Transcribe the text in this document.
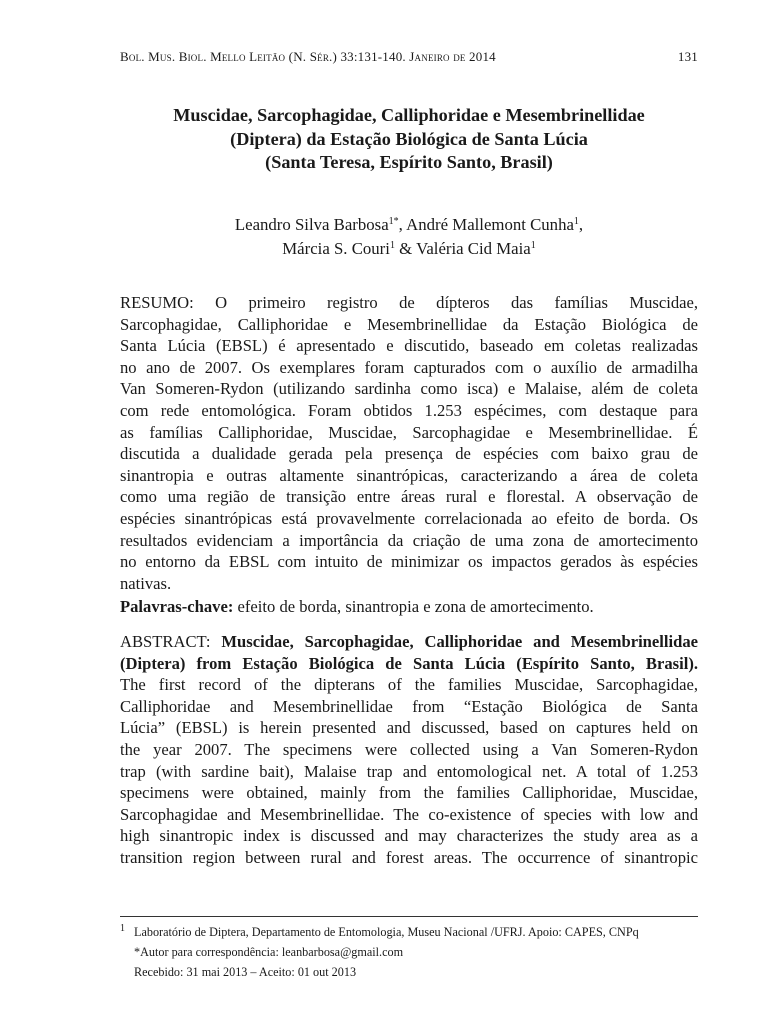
Bol. Mus. Biol. Mello Leitão (N. Sér.) 33:131-140. Janeiro de 2014	131
Muscidae, Sarcophagidae, Calliphoridae e Mesembrinellidae
(Diptera) da Estação Biológica de Santa Lúcia
(Santa Teresa, Espírito Santo, Brasil)
Leandro Silva Barbosa$^{1*}$, André Mallemont Cunha$^1$,
Márcia S. Couri$^1$ & Valéria Cid Maia$^1$
RESUMO: O primeiro registro de dípteros das famílias Muscidae,
Sarcophagidae, Calliphoridae e Mesembrinellidae da Estação Biológica de
Santa Lúcia (EBSL) é apresentado e discutido, baseado em coletas realizadas
no ano de 2007. Os exemplares foram capturados com o auxílio de armadilha
Van Someren-Rydon (utilizando sardinha como isca) e Malaise, além de coleta
com rede entomológica. Foram obtidos 1.253 espécimes, com destaque para
as famílias Calliphoridae, Muscidae, Sarcophagidae e Mesembrinellidae. É
discutida a dualidade gerada pela presença de espécies com baixo grau de
sinantropia e outras altamente sinantrópicas, caracterizando a área de coleta
como uma região de transição entre áreas rural e florestal. A observação de
espécies sinantrópicas está provavelmente correlacionada ao efeito de borda. Os
resultados evidenciam a importância da criação de uma zona de amortecimento
no entorno da EBSL com intuito de minimizar os impactos gerados às espécies
nativas.
Palavras-chave: efeito de borda, sinantropia e zona de amortecimento.
ABSTRACT: Muscidae, Sarcophagidae, Calliphoridae and Mesembrinellidae
(Diptera) from Estação Biológica de Santa Lúcia (Espírito Santo, Brasil).
The first record of the dipterans of the families Muscidae, Sarcophagidae,
Calliphoridae and Mesembrinellidae from “Estação Biológica de Santa
Lúcia” (EBSL) is herein presented and discussed, based on captures held on
the year 2007. The specimens were collected using a Van Someren-Rydon
trap (with sardine bait), Malaise trap and entomological net. A total of 1.253
specimens were obtained, mainly from the families Calliphoridae, Muscidae,
Sarcophagidae and Mesembrinellidae. The co-existence of species with low and
high sinantropic index is discussed and may characterizes the study area as a
transition region between rural and forest areas. The occurrence of sinantropic
1 Laboratório de Diptera, Departamento de Entomologia, Museu Nacional /UFRJ. Apoio: CAPES, CNPq
*Autor para correspondência: leanbarbosa@gmail.com
Recebido: 31 mai 2013 – Aceito: 01 out 2013
